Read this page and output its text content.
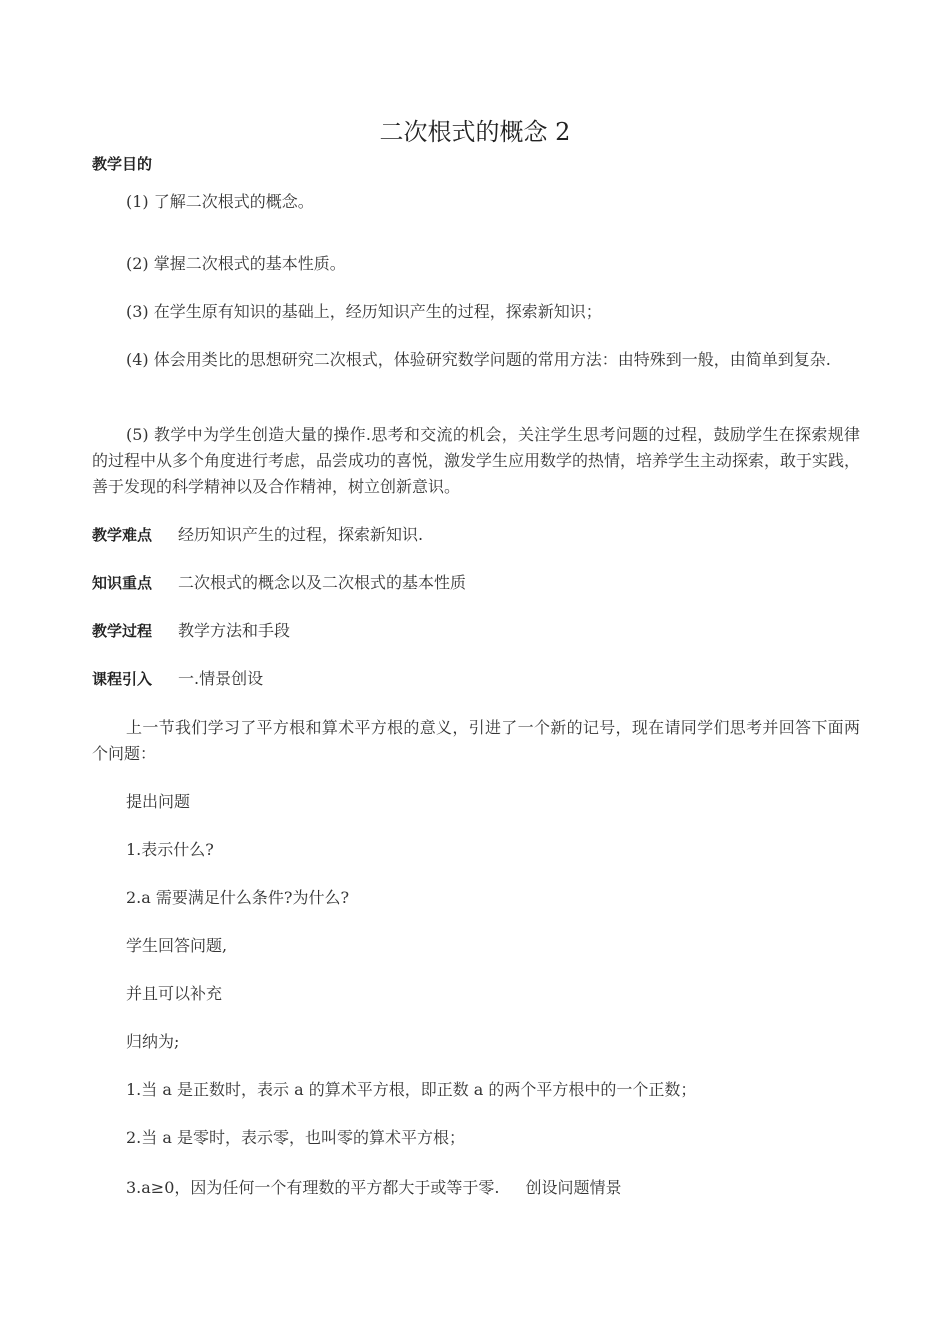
二次根式的概念 2
教学目的
(1) 了解二次根式的概念。
(2) 掌握二次根式的基本性质。
(3) 在学生原有知识的基础上，经历知识产生的过程，探索新知识；
(4) 体会用类比的思想研究二次根式，体验研究数学问题的常用方法：由特殊到一般，由简单到复杂.
(5) 教学中为学生创造大量的操作.思考和交流的机会，关注学生思考问题的过程，鼓励学生在探索规律的过程中从多个角度进行考虑，品尝成功的喜悦，激发学生应用数学的热情，培养学生主动探索，敢于实践，善于发现的科学精神以及合作精神，树立创新意识。
教学难点 经历知识产生的过程，探索新知识.
知识重点 二次根式的概念以及二次根式的基本性质
教学过程 教学方法和手段
课程引入 一.情景创设
上一节我们学习了平方根和算术平方根的意义，引进了一个新的记号，现在请同学们思考并回答下面两个问题：
提出问题
1.表示什么?
2.a 需要满足什么条件?为什么?
学生回答问题,
并且可以补充
归纳为;
1.当 a 是正数时，表示 a 的算术平方根，即正数 a 的两个平方根中的一个正数；
2.当 a 是零时，表示零，也叫零的算术平方根；
3.a≥0，因为任何一个有理数的平方都大于或等于零. 创设问题情景
